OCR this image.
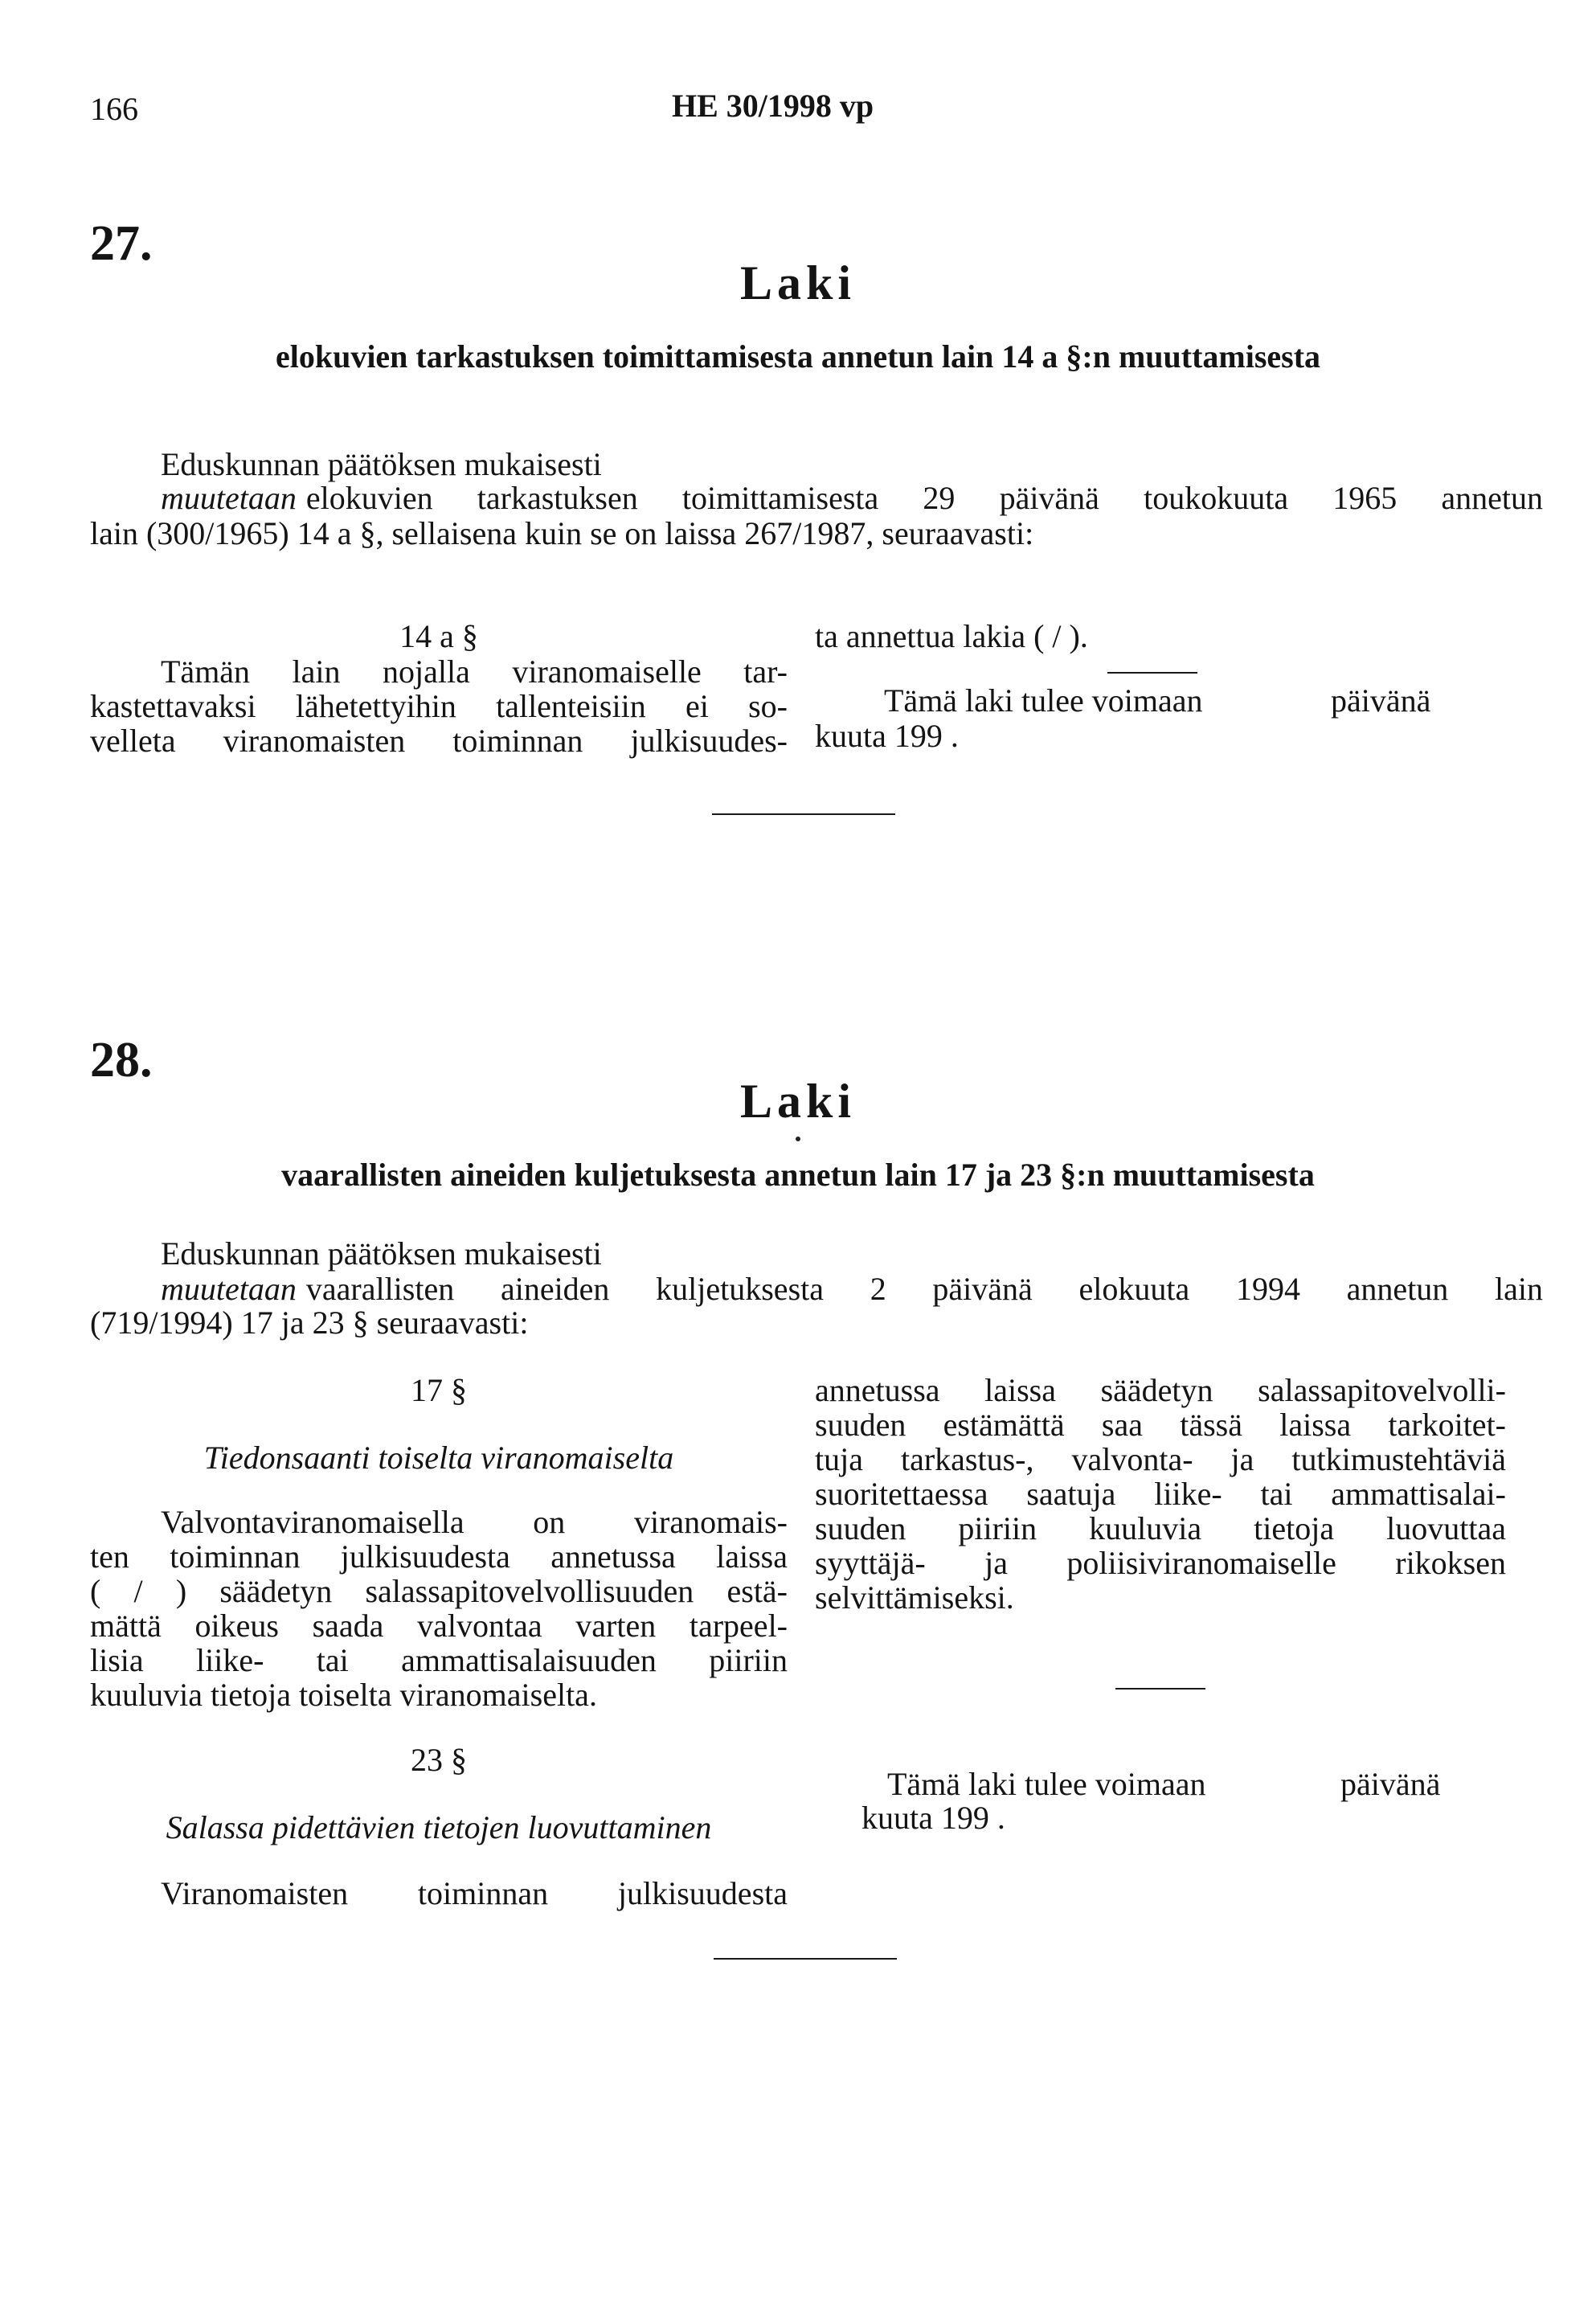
166	HE 30/1998 vp
27.
Laki
elokuvien tarkastuksen toimittamisesta annetun lain 14 a §:n muuttamisesta
Eduskunnan päätöksen mukaisesti
muutetaan elokuvien tarkastuksen toimittamisesta 29 päivänä toukokuuta 1965 annetun
lain (300/1965) 14 a §, sellaisena kuin se on laissa 267/1987, seuraavasti:
14 a §
Tämän lain nojalla viranomaiselle tar-
kastettavaksi lähetettyihin tallenteisiin ei so-
velleta viranomaisten toiminnan julkisuudes-
ta annettua lakia ( / ).
Tämä laki tulee voimaan	päivänä
kuuta 199 .
28.
Laki
vaarallisten aineiden kuljetuksesta annetun lain 17 ja 23 §:n muuttamisesta
Eduskunnan päätöksen mukaisesti
muutetaan vaarallisten aineiden kuljetuksesta 2 päivänä elokuuta 1994 annetun lain
(719/1994) 17 ja 23 § seuraavasti:
17 §
Tiedonsaanti toiselta viranomaiselta
Valvontaviranomaisella on viranomais-
ten toiminnan julkisuudesta annetussa laissa
( / ) säädetyn salassapitovelvollisuuden estä-
mättä oikeus saada valvontaa varten tarpeel-
lisia liike- tai ammattisalaisuuden piiriin
kuuluvia tietoja toiselta viranomaiselta.
23 §
Salassa pidettävien tietojen luovuttaminen
Viranomaisten toiminnan julkisuudesta
annetussa laissa säädetyn salassapitovelvolli-
suuden estämättä saa tässä laissa tarkoitet-
tuja tarkastus-, valvonta- ja tutkimustehtäviä
suoritettaessa saatuja liike- tai ammattisalai-
suuden piiriin kuuluvia tietoja luovuttaa
syyttäjä- ja poliisiviranomaiselle rikoksen
selvittämiseksi.
Tämä laki tulee voimaan	päivänä
kuuta 199 .
